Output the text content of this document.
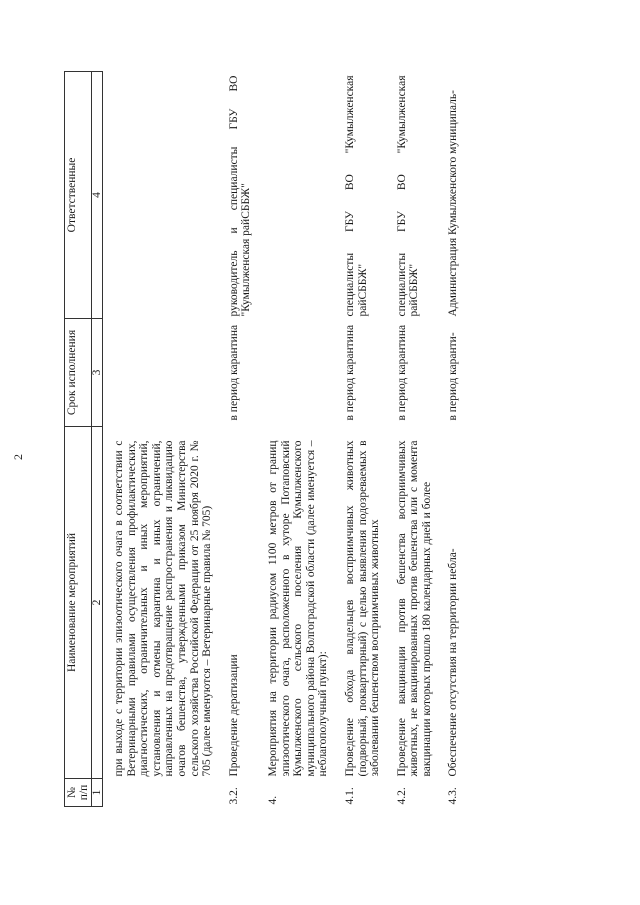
2
№ п/п	Наименование мероприятий	Срок исполнения	Ответственные
1	2	3	4
	при выходе с территории эпизоотического очага в соответствии с Ветеринарными правилами осуществления профилактических, диагностических, ограничительных и иных мероприятий, установления и отмены карантина и иных ограничений, направленных на предотвращение распространения и ликвидацию очагов бешенства, утвержденными приказом Министерства сельского хозяйства Российской Федерации от 25 ноября 2020 г. № 705 (далее именуются – Ветеринарные правила № 705)		
3.2.	Проведение дератизации	в период карантина	руководитель и специалисты ГБУ ВО "Кумылженская райСББЖ"
4.	Мероприятия на территории радиусом 1100 метров от границ эпизоотического очага, расположенного в хуторе Потаповский Кумылженского сельского поселения Кумылженского муниципального района Волгоградской области (далее именуется – неблагополучный пункт):		
4.1.	Проведение обхода владельцев восприимчивых животных (подворный, покварттирный) с целью выявления подозреваемых в заболевании бешенством восприимчивых животных	в период карантина	специалисты ГБУ ВО "Кумылженская райСББЖ"
4.2.	Проведение вакцинации против бешенства восприимчивых животных, не вакцинированных против бешенства или с момента вакцинации которых прошло 180 календарных дней и более	в период карантина	специалисты ГБУ ВО "Кумылженская райСББЖ"
4.3.	Обеспечение отсутствия на территории небла-	в период каранти-	Администрация Кумылженского муниципаль-
